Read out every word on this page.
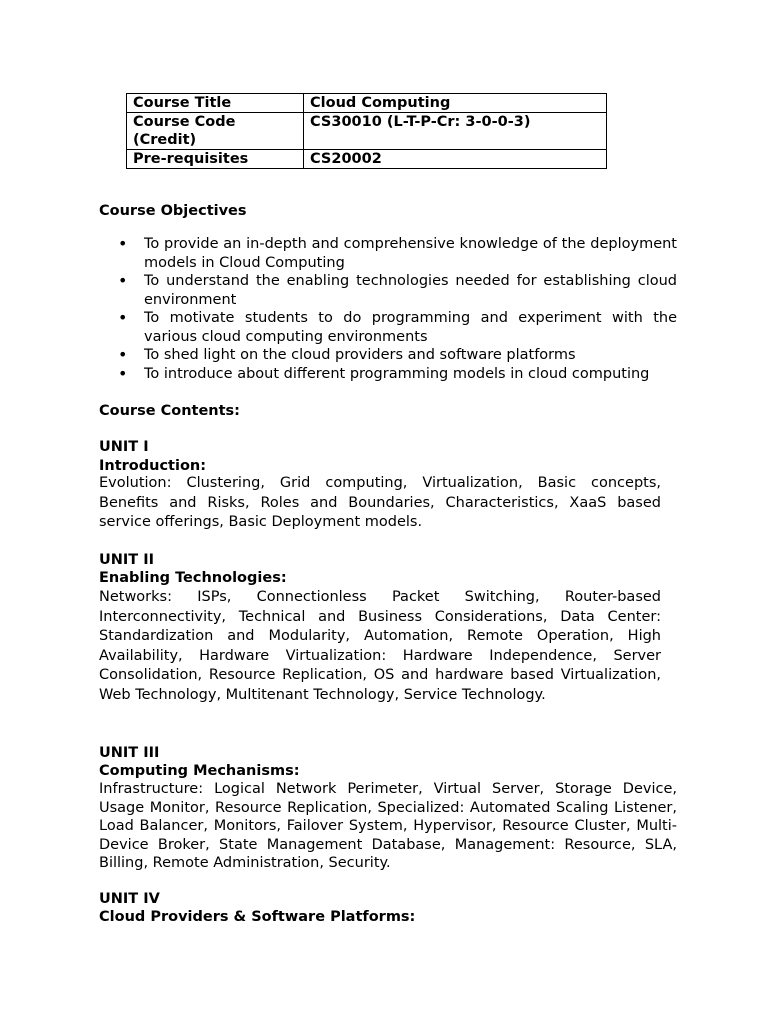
Course Title	Cloud Computing
Course Code (Credit)	CS30010 (L-T-P-Cr: 3-0-0-3)
Pre-requisites	CS20002
Course Objectives
• To provide an in-depth and comprehensive knowledge of the deployment models in Cloud Computing
• To understand the enabling technologies needed for establishing cloud environment
• To motivate students to do programming and experiment with the various cloud computing environments
• To shed light on the cloud providers and software platforms
• To introduce about different programming models in cloud computing
Course Contents:
UNIT I
Introduction:
Evolution: Clustering, Grid computing, Virtualization, Basic concepts, Benefits and Risks, Roles and Boundaries, Characteristics, XaaS based service offerings, Basic Deployment models.
UNIT II
Enabling Technologies:
Networks: ISPs, Connectionless Packet Switching, Router-based Interconnectivity, Technical and Business Considerations, Data Center: Standardization and Modularity, Automation, Remote Operation, High Availability, Hardware Virtualization: Hardware Independence, Server Consolidation, Resource Replication, OS and hardware based Virtualization, Web Technology, Multitenant Technology, Service Technology.
UNIT III
Computing Mechanisms:
Infrastructure: Logical Network Perimeter, Virtual Server, Storage Device, Usage Monitor, Resource Replication, Specialized: Automated Scaling Listener, Load Balancer, Monitors, Failover System, Hypervisor, Resource Cluster, Multi-Device Broker, State Management Database, Management: Resource, SLA, Billing, Remote Administration, Security.
UNIT IV
Cloud Providers & Software Platforms:
